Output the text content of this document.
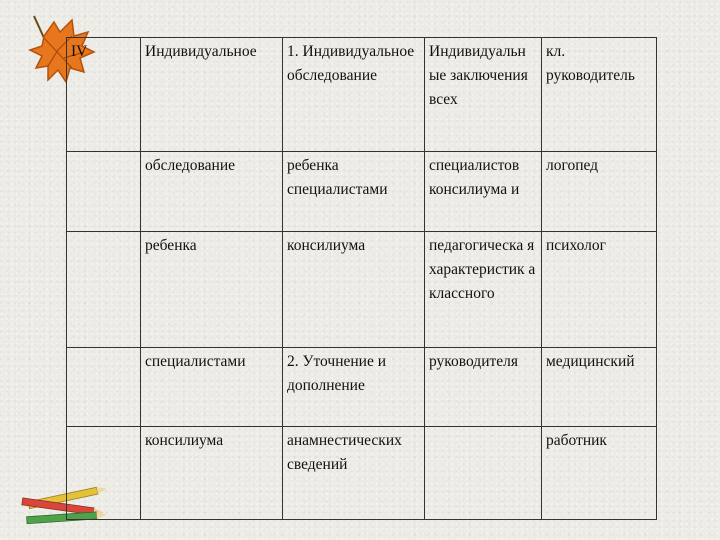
IV	Индивидуальное	1. Индивидуальное обследование	Индивидуальн ые заключения всех	кл. руководитель
	обследование	ребенка специалистами	специалистов консилиума и	логопед
	ребенка	консилиума	педагогическа я характеристик а классного	психолог
	специалистами	2. Уточнение и дополнение	руководителя	медицинский
	консилиума	анамнестических сведений		работник
